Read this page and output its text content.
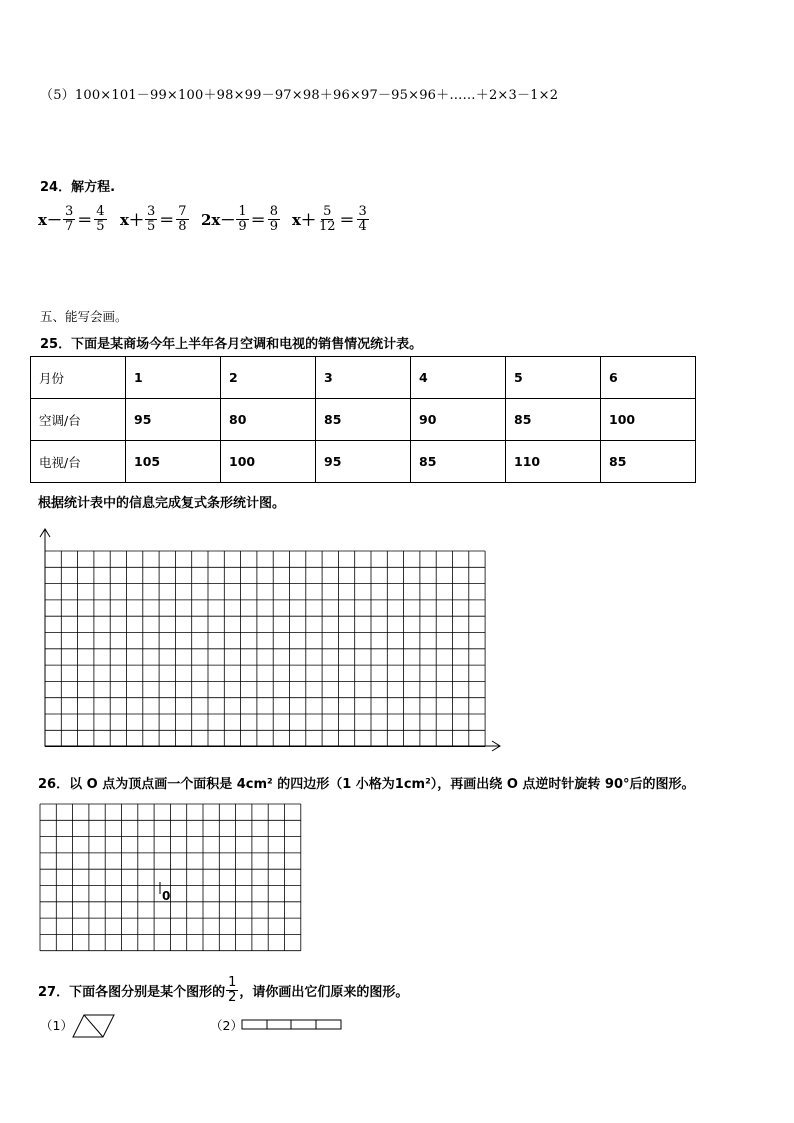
（5）100×101－99×100＋98×99－97×98＋96×97－95×96＋……＋2×3－1×2
24．解方程.
$x- \frac{3}{7} = \frac{4}{5} x+ \frac{3}{5} = \frac{7}{8} 2x- \frac{1}{9} = \frac{8}{9} x+ \frac{5}{12} = \frac{3}{4}$
五、能写会画。
25．下面是某商场今年上半年各月空调和电视的销售情况统计表。
月份	1	2	3	4	5	6
空调/台	95	80	85	90	85	100
电视/台	105	100	95	85	110	85
根据统计表中的信息完成复式条形统计图。
26．以 O 点为顶点画一个面积是 4cm² 的四边形（1 小格为1cm²），再画出绕 O 点逆时针旋转 90°后的图形。
0
27．下面各图分别是某个图形的 $\frac{1}{2}$ ，请你画出它们原来的图形。
（1）	（2）
